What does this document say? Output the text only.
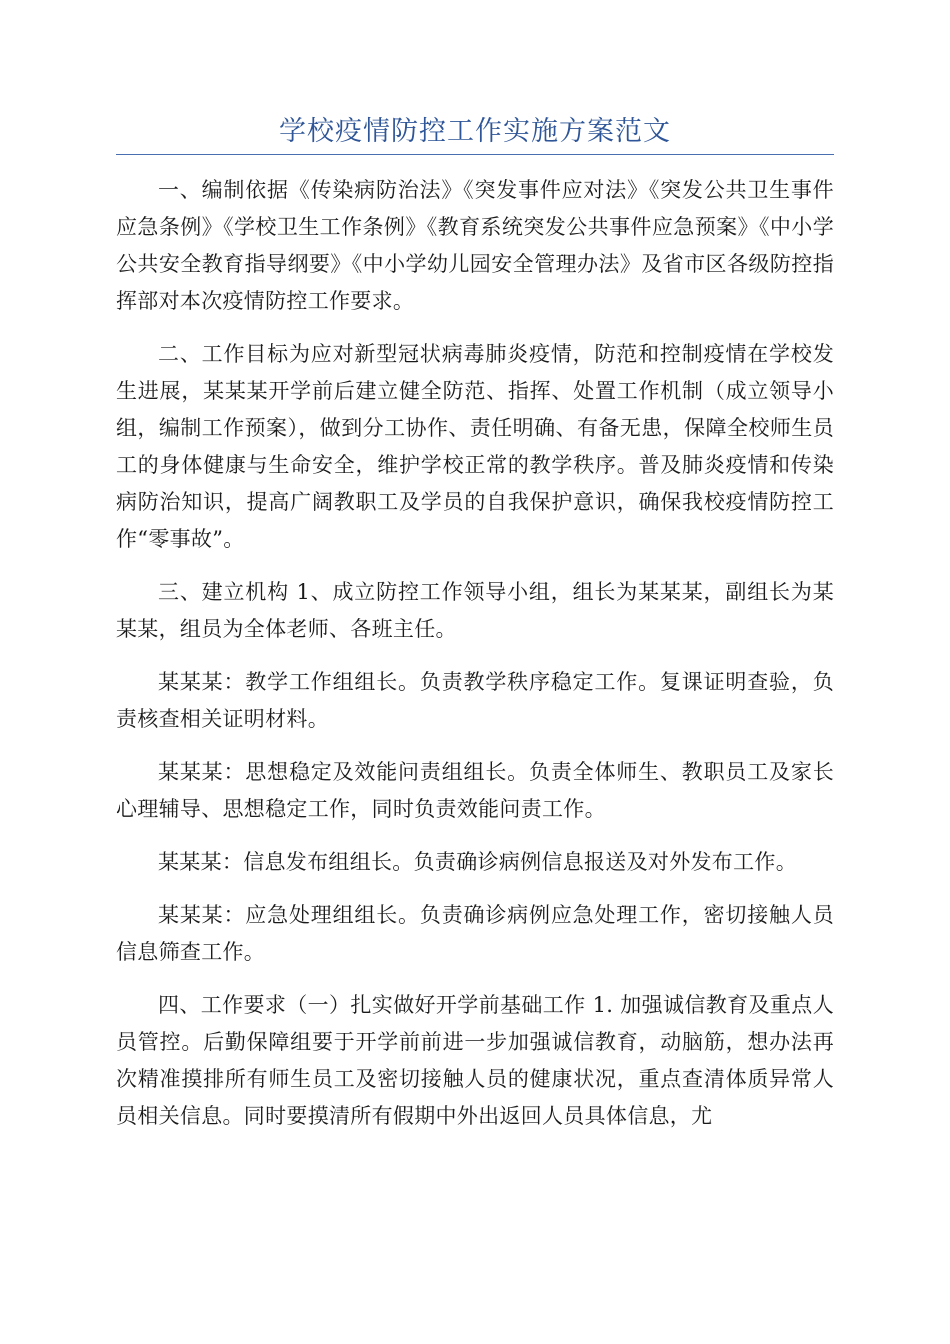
学校疫情防控工作实施方案范文

一、编制依据《传染病防治法》《突发事件应对法》《突发公共卫生事件应急条例》《学校卫生工作条例》《教育系统突发公共事件应急预案》《中小学公共安全教育指导纲要》《中小学幼儿园安全管理办法》及省市区各级防控指挥部对本次疫情防控工作要求。

二、工作目标为应对新型冠状病毒肺炎疫情，防范和控制疫情在学校发生进展，某某某开学前后建立健全防范、指挥、处置工作机制（成立领导小组，编制工作预案），做到分工协作、责任明确、有备无患，保障全校师生员工的身体健康与生命安全，维护学校正常的教学秩序。普及肺炎疫情和传染病防治知识，提高广阔教职工及学员的自我保护意识，确保我校疫情防控工作“零事故”。

三、建立机构 1、成立防控工作领导小组，组长为某某某，副组长为某某某，组员为全体老师、各班主任。

某某某：教学工作组组长。负责教学秩序稳定工作。复课证明查验，负责核查相关证明材料。

某某某：思想稳定及效能问责组组长。负责全体师生、教职员工及家长心理辅导、思想稳定工作，同时负责效能问责工作。

某某某：信息发布组组长。负责确诊病例信息报送及对外发布工作。

某某某：应急处理组组长。负责确诊病例应急处理工作，密切接触人员信息筛查工作。

四、工作要求（一）扎实做好开学前基础工作 1. 加强诚信教育及重点人员管控。后勤保障组要于开学前前进一步加强诚信教育，动脑筋，想办法再次精准摸排所有师生员工及密切接触人员的健康状况，重点查清体质异常人员相关信息。同时要摸清所有假期中外出返回人员具体信息，尤
